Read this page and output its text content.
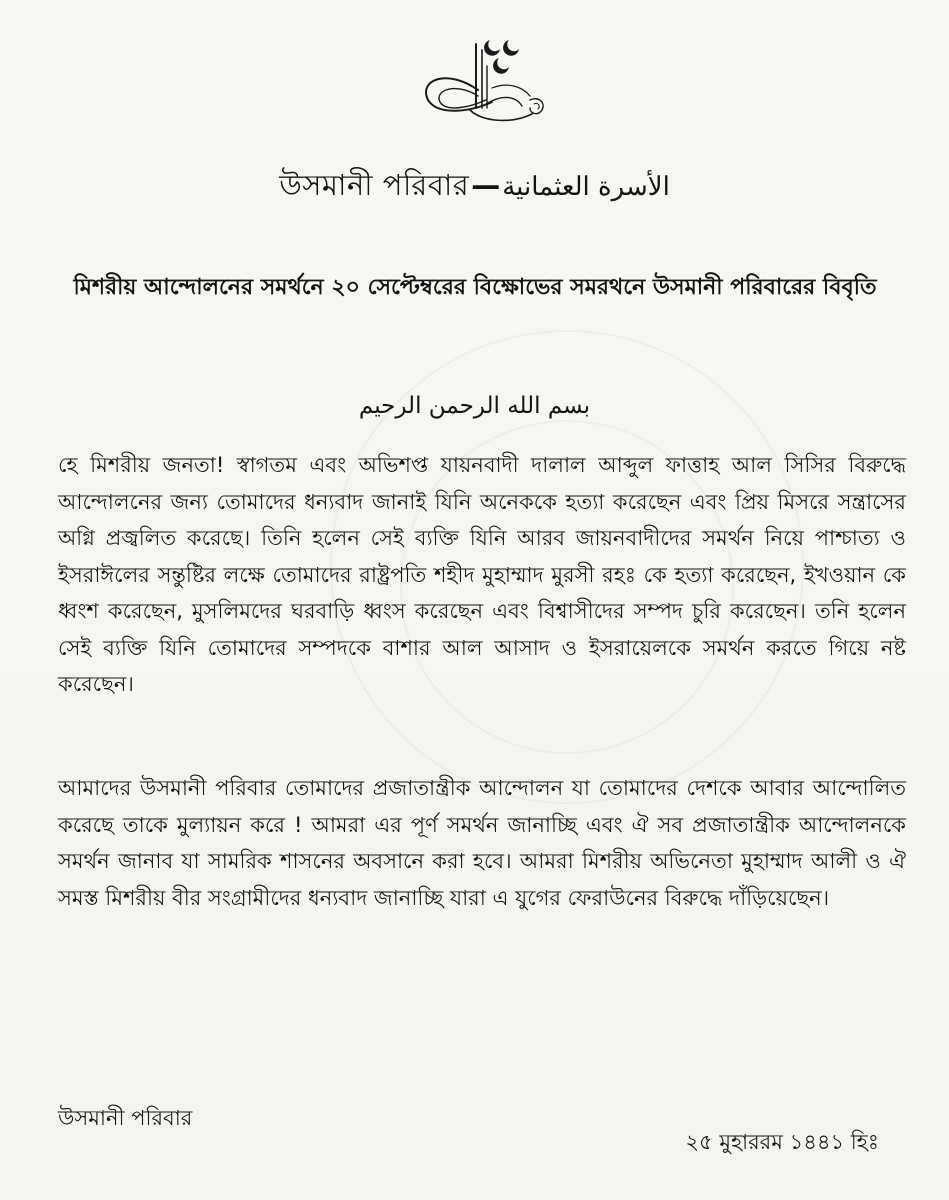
উসমানী পরিবার—الأسرة العثمانية
মিশরীয় আন্দোলনের সমর্থনে ২০ সেপ্টেম্বরের বিক্ষোভের সমরথনে উসমানী পরিবারের বিবৃতি
بسم الله الرحمن الرحيم

হে মিশরীয় জনতা! স্বাগতম এবং অভিশপ্ত যায়নবাদী দালাল আব্দুল ফাত্তাহ আল সিসির বিরুদ্ধে আন্দোলনের জন্য তোমাদের ধন্যবাদ জানাই যিনি অনেককে হত্যা করেছেন এবং প্রিয় মিসরে সন্ত্রাসের অগ্নি প্রজ্বলিত করেছে। তিনি হলেন সেই ব্যক্তি যিনি আরব জায়নবাদীদের সমর্থন নিয়ে পাশ্চাত্য ও ইসরাঈলের সন্তুষ্টির লক্ষে তোমাদের রাষ্ট্রপতি শহীদ মুহাম্মাদ মুরসী রহঃ কে হত্যা করেছেন, ইখওয়ান কে ধ্বংশ করেছেন, মুসলিমদের ঘরবাড়ি ধ্বংস করেছেন এবং বিশ্বাসীদের সম্পদ চুরি করেছেন। তনি হলেন সেই ব্যক্তি যিনি তোমাদের সম্পদকে বাশার আল আসাদ ও ইসরায়েলকে সমর্থন করতে গিয়ে নষ্ট করেছেন।

আমাদের উসমানী পরিবার তোমাদের প্রজাতান্ত্রীক আন্দোলন যা তোমাদের দেশকে আবার আন্দোলিত করেছে তাকে মুল্যায়ন করে ! আমরা এর পূর্ণ সমর্থন জানাচ্ছি এবং ঐ সব প্রজাতান্ত্রীক আন্দোলনকে সমর্থন জানাব যা সামরিক শাসনের অবসানে করা হবে। আমরা মিশরীয় অভিনেতা মুহাম্মাদ আলী ও ঐ সমস্ত মিশরীয় বীর সংগ্রামীদের ধন্যবাদ জানাচ্ছি যারা এ যুগের ফেরাউনের বিরুদ্ধে দাঁড়িয়েছেন।

উসমানী পরিবার
২৫ মুহাররম ১৪৪১ হিঃ
